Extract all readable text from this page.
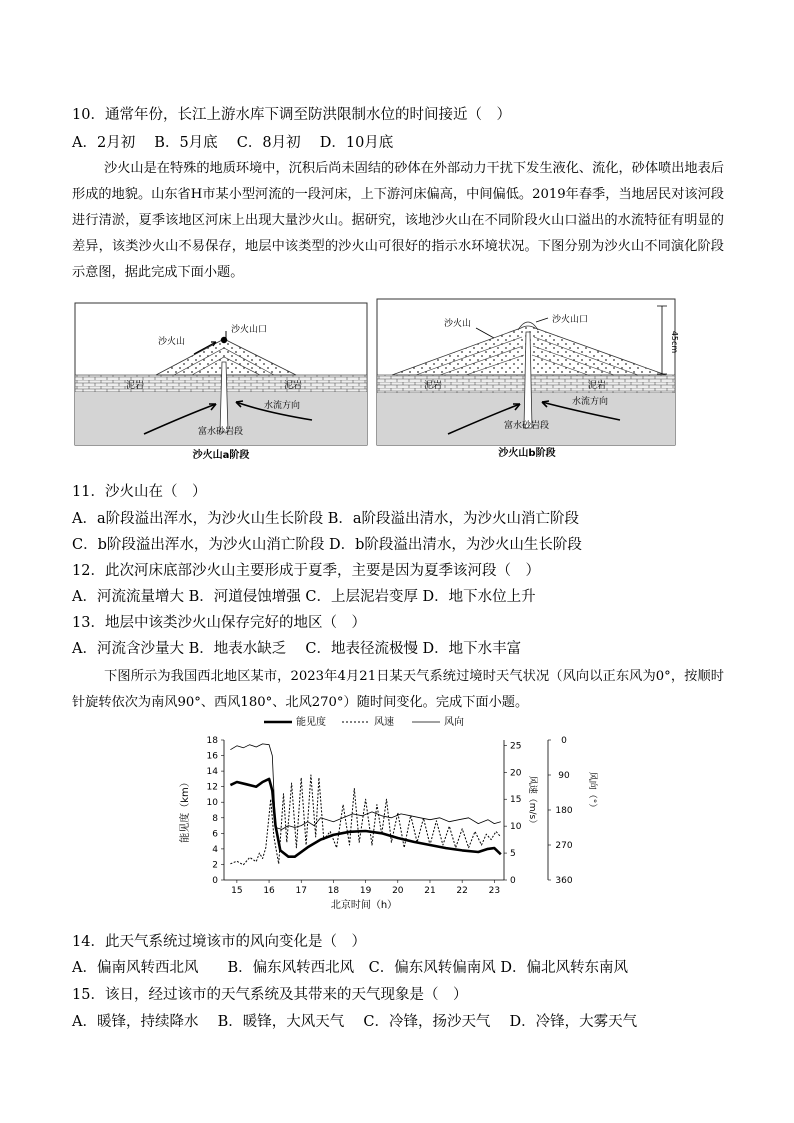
10．通常年份，长江上游水库下调至防洪限制水位的时间接近（　）
A．2月初　 B．5月底　 C．8月初　 D．10月底
沙火山是在特殊的地质环境中，沉积后尚未固结的砂体在外部动力干扰下发生液化、流化，砂体喷出地表后形成的地貌。山东省H市某小型河流的一段河床，上下游河床偏高，中间偏低。2019年春季，当地居民对该河段进行清淤，夏季该地区河床上出现大量沙火山。据研究，该地沙火山在不同阶段火山口溢出的水流特征有明显的差异，该类沙火山不易保存，地层中该类型的沙火山可很好的指示水环境状况。下图分别为沙火山不同演化阶段示意图，据此完成下面小题。
沙火山
沙火山口
泥岩	泥岩
水流方向
富水砂岩段
沙火山a阶段
沙火山	沙火山口
45cm
泥岩	泥岩
水流方向
富水砂岩段
沙火山b阶段
11．沙火山在（　）
A．a阶段溢出浑水，为沙火山生长阶段 B．a阶段溢出清水，为沙火山消亡阶段
C．b阶段溢出浑水，为沙火山消亡阶段 D．b阶段溢出清水，为沙火山生长阶段
12．此次河床底部沙火山主要形成于夏季，主要是因为夏季该河段（　）
A．河流流量增大 B．河道侵蚀增强 C．上层泥岩变厚 D．地下水位上升
13．地层中该类沙火山保存完好的地区（　）
A．河流含沙量大 B．地表水缺乏　 C．地表径流极慢 D．地下水丰富
下图所示为我国西北地区某市，2023年4月21日某天气系统过境时天气状况（风向以正东风为0°，按顺时针旋转依次为南风90°、西风180°、北风270°）随时间变化。完成下面小题。
能见度	风速	风向
15 16 17 18 19 20 21 22 23
北京时间（h）
0
2
4
6
8
10
12
14
16
18
能见度（km）
0
5
10
15
20
25
风速（m/s）
0
90
180
270
360
风向（°）
14．此天气系统过境该市的风向变化是（　）
A．偏南风转西北风　　B．偏东风转西北风　C．偏东风转偏南风 D．偏北风转东南风
15．该日，经过该市的天气系统及其带来的天气现象是（　）
A．暖锋，持续降水　 B．暖锋，大风天气　 C．冷锋，扬沙天气　 D．冷锋，大雾天气
